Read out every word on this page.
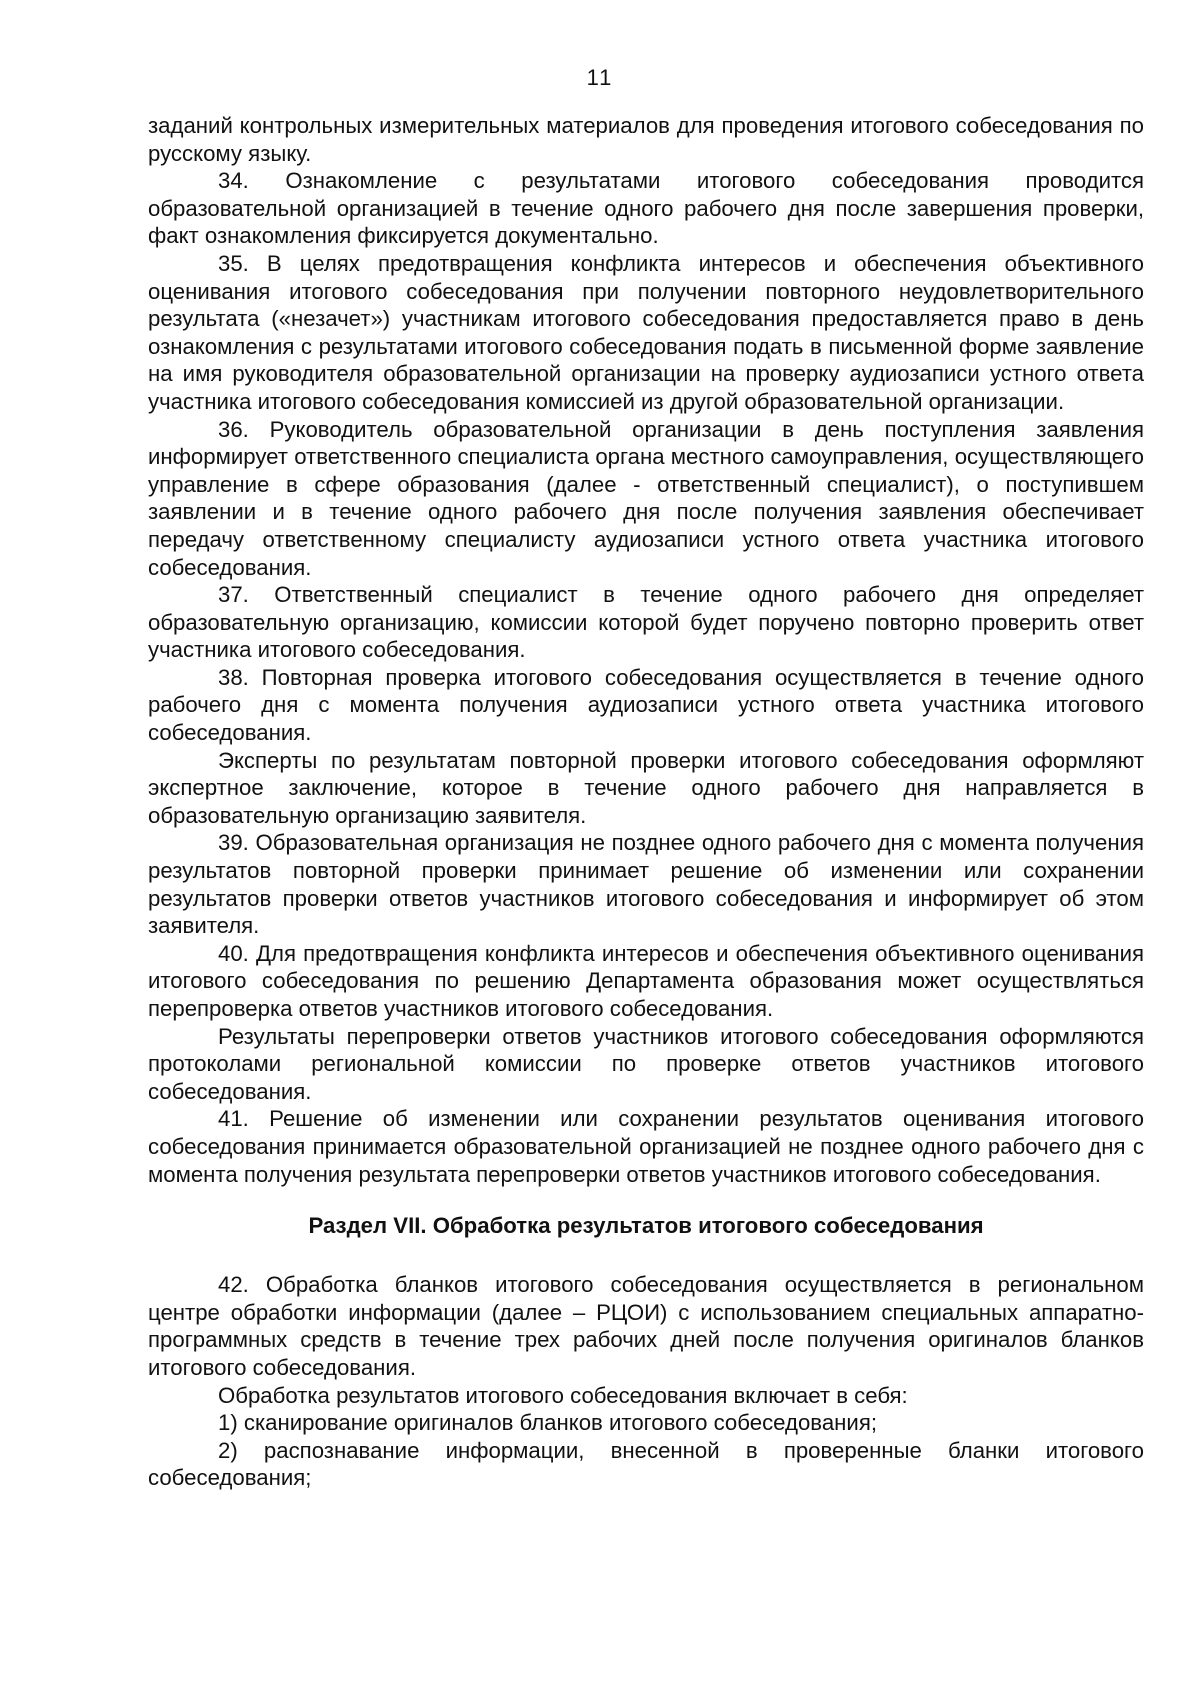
11

заданий контрольных измерительных материалов для проведения итогового собеседования по русскому языку.

34. Ознакомление с результатами итогового собеседования проводится образовательной организацией в течение одного рабочего дня после завершения проверки, факт ознакомления фиксируется документально.

35. В целях предотвращения конфликта интересов и обеспечения объективного оценивания итогового собеседования при получении повторного неудовлетворительного результата («незачет») участникам итогового собеседования предоставляется право в день ознакомления с результатами итогового собеседования подать в письменной форме заявление на имя руководителя образовательной организации на проверку аудиозаписи устного ответа участника итогового собеседования комиссией из другой образовательной организации.

36. Руководитель образовательной организации в день поступления заявления информирует ответственного специалиста органа местного самоуправления, осуществляющего управление в сфере образования (далее - ответственный специалист), о поступившем заявлении и в течение одного рабочего дня после получения заявления обеспечивает передачу ответственному специалисту аудиозаписи устного ответа участника итогового собеседования.

37. Ответственный специалист в течение одного рабочего дня определяет образовательную организацию, комиссии которой будет поручено повторно проверить ответ участника итогового собеседования.

38. Повторная проверка итогового собеседования осуществляется в течение одного рабочего дня с момента получения аудиозаписи устного ответа участника итогового собеседования.

Эксперты по результатам повторной проверки итогового собеседования оформляют экспертное заключение, которое в течение одного рабочего дня направляется в образовательную организацию заявителя.

39. Образовательная организация не позднее одного рабочего дня с момента получения результатов повторной проверки принимает решение об изменении или сохранении результатов проверки ответов участников итогового собеседования и информирует об этом заявителя.

40. Для предотвращения конфликта интересов и обеспечения объективного оценивания итогового собеседования по решению Департамента образования может осуществляться перепроверка ответов участников итогового собеседования.

Результаты перепроверки ответов участников итогового собеседования оформляются протоколами региональной комиссии по проверке ответов участников итогового собеседования.

41. Решение об изменении или сохранении результатов оценивания итогового собеседования принимается образовательной организацией не позднее одного рабочего дня с момента получения результата перепроверки ответов участников итогового собеседования.

Раздел VII. Обработка результатов итогового собеседования

42. Обработка бланков итогового собеседования осуществляется в региональном центре обработки информации (далее – РЦОИ) с использованием специальных аппаратно-программных средств в течение трех рабочих дней после получения оригиналов бланков итогового собеседования.

Обработка результатов итогового собеседования включает в себя:

1) сканирование оригиналов бланков итогового собеседования;

2) распознавание информации, внесенной в проверенные бланки итогового собеседования;
